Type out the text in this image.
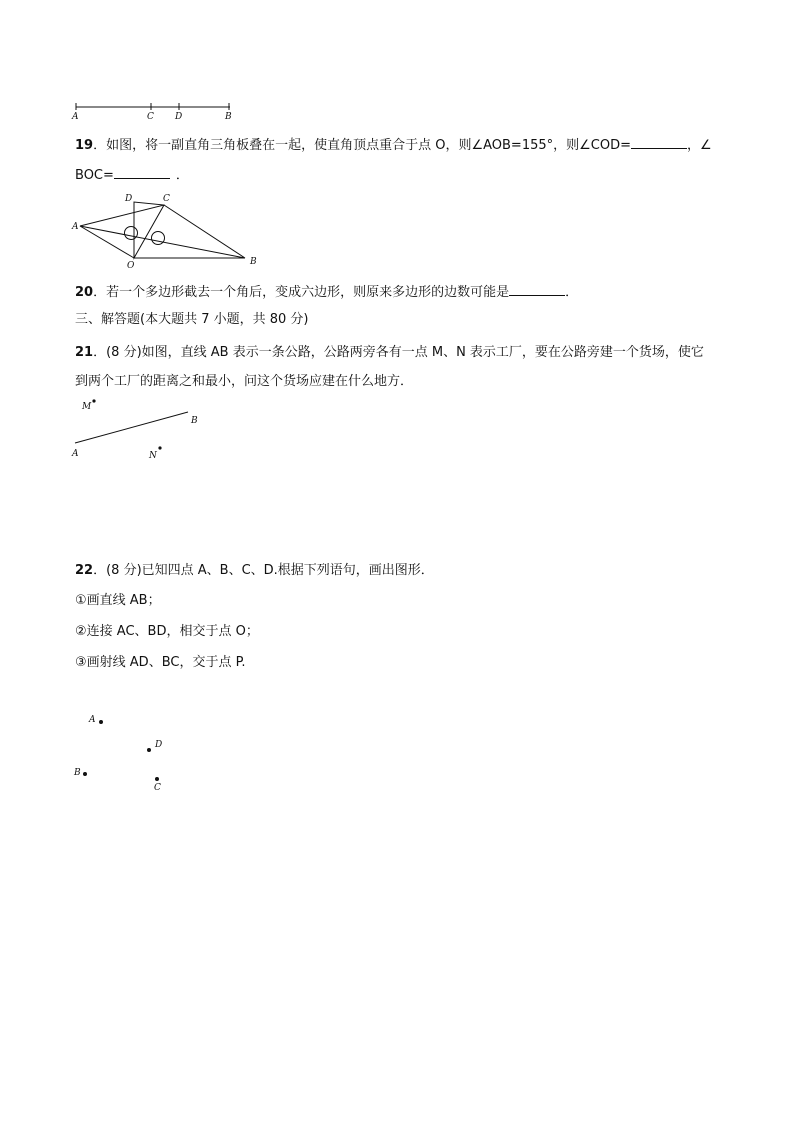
A	C D	B
19．如图，将一副直角三角板叠在一起，使直角顶点重合于点 O，则∠AOB=155°，则∠COD=	，∠
BOC=	．
D	C
A
O	B
20．若一个多边形截去一个角后，变成六边形，则原来多边形的边数可能是	．
三、解答题(本大题共 7 小题，共 80 分)
21．(8 分)如图，直线 AB 表示一条公路，公路两旁各有一点 M、N 表示工厂，要在公路旁建一个货场，使它
到两个工厂的距离之和最小，问这个货场应建在什么地方．
M
B
A	N
22．(8 分)已知四点 A、B、C、D.根据下列语句，画出图形．
①画直线 AB；
②连接 AC、BD，相交于点 O；
③画射线 AD、BC，交于点 P.
A
D
B
C
